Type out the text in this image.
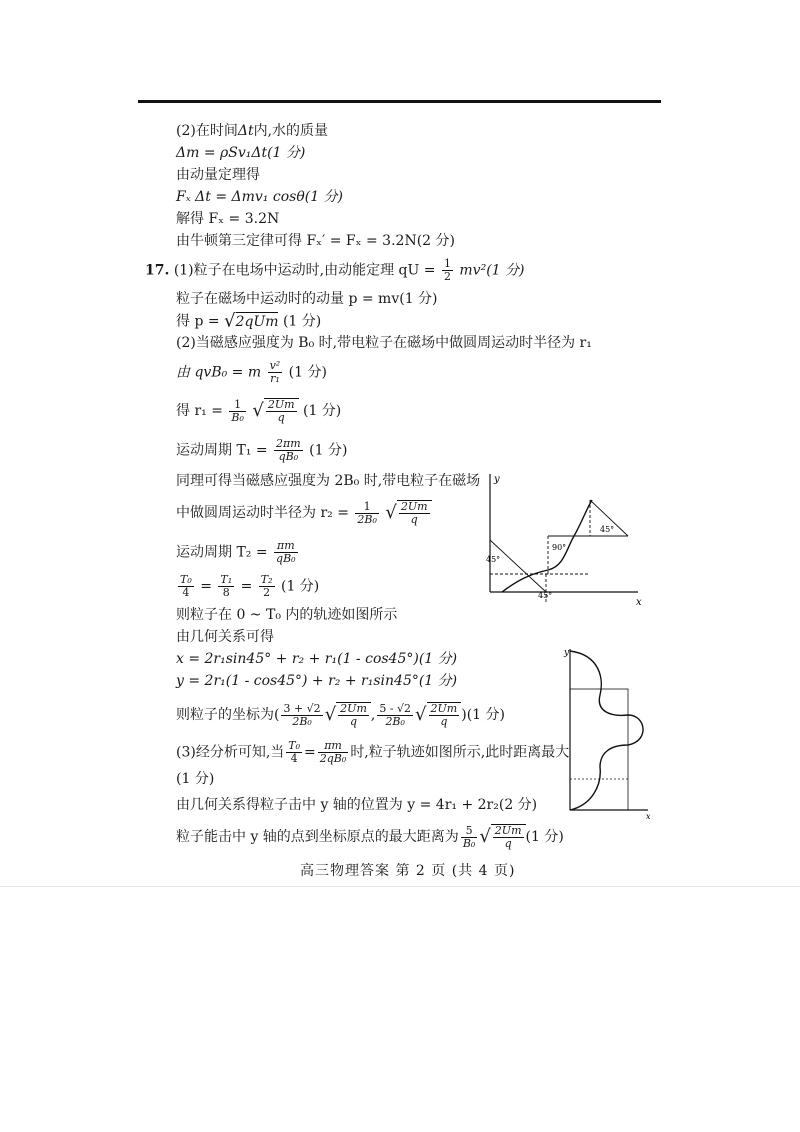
(2)在时间Δt内,水的质量
Δm = ρSv₁Δt(1 分)
由动量定理得
Fₓ Δt = Δmv₁ cosθ(1 分)
解得 Fₓ = 3.2N
由牛顿第三定律可得 Fₓ′ = Fₓ = 3.2N(2 分)
17. (1)粒子在电场中运动时,由动能定理 qU = $\frac{1}{2} mv^2(1$ 分)
粒子在磁场中运动时的动量 p = mv(1 分)
得 p = √2qUm (1 分)
(2)当磁感应强度为 B₀ 时,带电粒子在磁场中做圆周运动时半径为 r₁
由 qvB₀ = m $\frac{\text{v²}}{\text{r₁}} (1$ 分)
得 $r_1 = \frac{1}{\text{B₀}}$ √ $\frac{2Um}{q} (1$ 分)
运动周期 $T_1 = \frac{2\pi m}{\text{qB₀}} (1$ 分)
同理可得当磁感应强度为 2B₀ 时,带电粒子在磁场
中做圆周运动时半径为 $r_2 = \frac{1}{\text{2B₀}}$ √ $\frac{2Um}{q}$
运动周期 $T_2 = \frac{\pi m}{\text{qB₀}}$
$\frac{\text{T₀}}{4} = \frac{\text{T₁}}{8} = \frac{\text{T₂}}{2} (1$ 分)
则粒子在 0 ~ T₀ 内的轨迹如图所示
由几何关系可得
x = 2r₁sin45° + r₂ + r₁(1 - cos45°)(1 分)
y = 2r₁(1 - cos45°) + r₂ + r₁sin45°(1 分)
则粒子的坐标为( $\frac{3 + √2}{\text{2B₀}}$ √ $\frac{2Um}{q}$ , $\frac{5 - √2}{\text{2B₀}}$ √ $\frac{2Um}{q} )(1$ 分)
(3)经分析可知,当 $\frac{\text{T₀}}{4} = \frac{\pi m}{\text{2qB₀}}$ 时,粒子轨迹如图所示,此时距离最大
(1 分)
由几何关系得粒子击中 y 轴的位置为 y = 4r₁ + 2r₂(2 分)
粒子能击中 y 轴的点到坐标原点的最大距离为 $\frac{5}{\text{B₀}}$ √ $\frac{2Um}{q} (1$ 分)
y
x
45°
45°
90°
45°
y
x
高三物理答案 第 2 页 (共 4 页)
